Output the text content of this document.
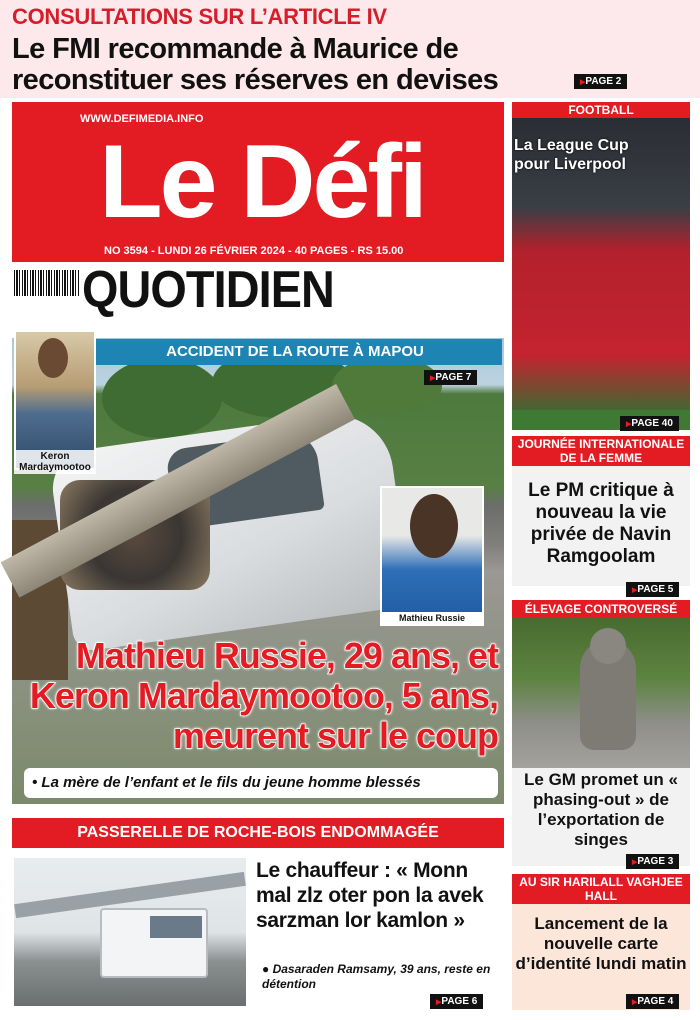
CONSULTATIONS SUR L’ARTICLE IV
Le FMI recommande à Maurice de reconstituer ses réserves en devises
▶	PAGE 2
WWW.DEFIMEDIA.INFO
Le Défi
NO 3594 - LUNDI 26 FÉVRIER 2024 - 40 PAGES - RS 15.00
QUOTIDIEN
ACCIDENT DE LA ROUTE À MAPOU
▶ PAGE 7
Keron Mardaymootoo
Mathieu Russie
Mathieu Russie, 29 ans, et Keron Mardaymootoo, 5 ans, meurent sur le coup
• La mère de l’enfant et le fils du jeune homme blessés
PASSERELLE DE ROCHE-BOIS ENDOMMAGÉE
Le chauffeur : « Monn mal zlz oter pon la avek sarzman lor kamlon »
● Dasaraden Ramsamy, 39 ans, reste en détention
▶ PAGE 6
FOOTBALL
La League Cup pour Liverpool
▶ PAGE 40
JOURNÉE INTERNATIONALE DE LA FEMME
Le PM critique à nouveau la vie privée de Navin Ramgoolam
▶ PAGE 5
ÉLEVAGE CONTROVERSÉ
Le GM promet un « phasing-out » de l’exportation de singes
▶ PAGE 3
AU SIR HARILALL VAGHJEE HALL
Lancement de la nouvelle carte d’identité lundi matin
▶ PAGE 4
